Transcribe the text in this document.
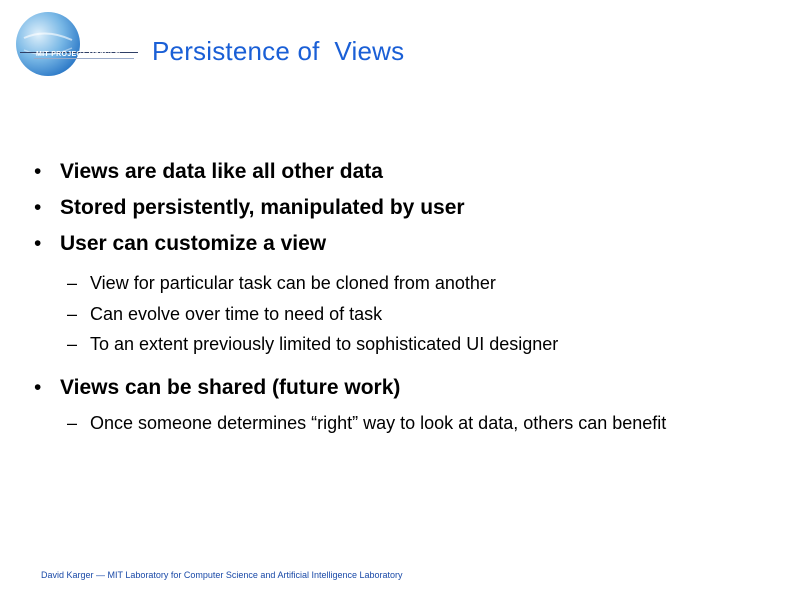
MIT PROJECT OXYGEN Persistence of  Views
• Views are data like all other data
• Stored persistently, manipulated by user
• User can customize a view
– View for particular task can be cloned from another
– Can evolve over time to need of task
– To an extent previously limited to sophisticated UI designer
• Views can be shared (future work)
– Once someone determines “right” way to look at data, others can benefit
David Karger — MIT Laboratory for Computer Science and Artificial Intelligence Laboratory
